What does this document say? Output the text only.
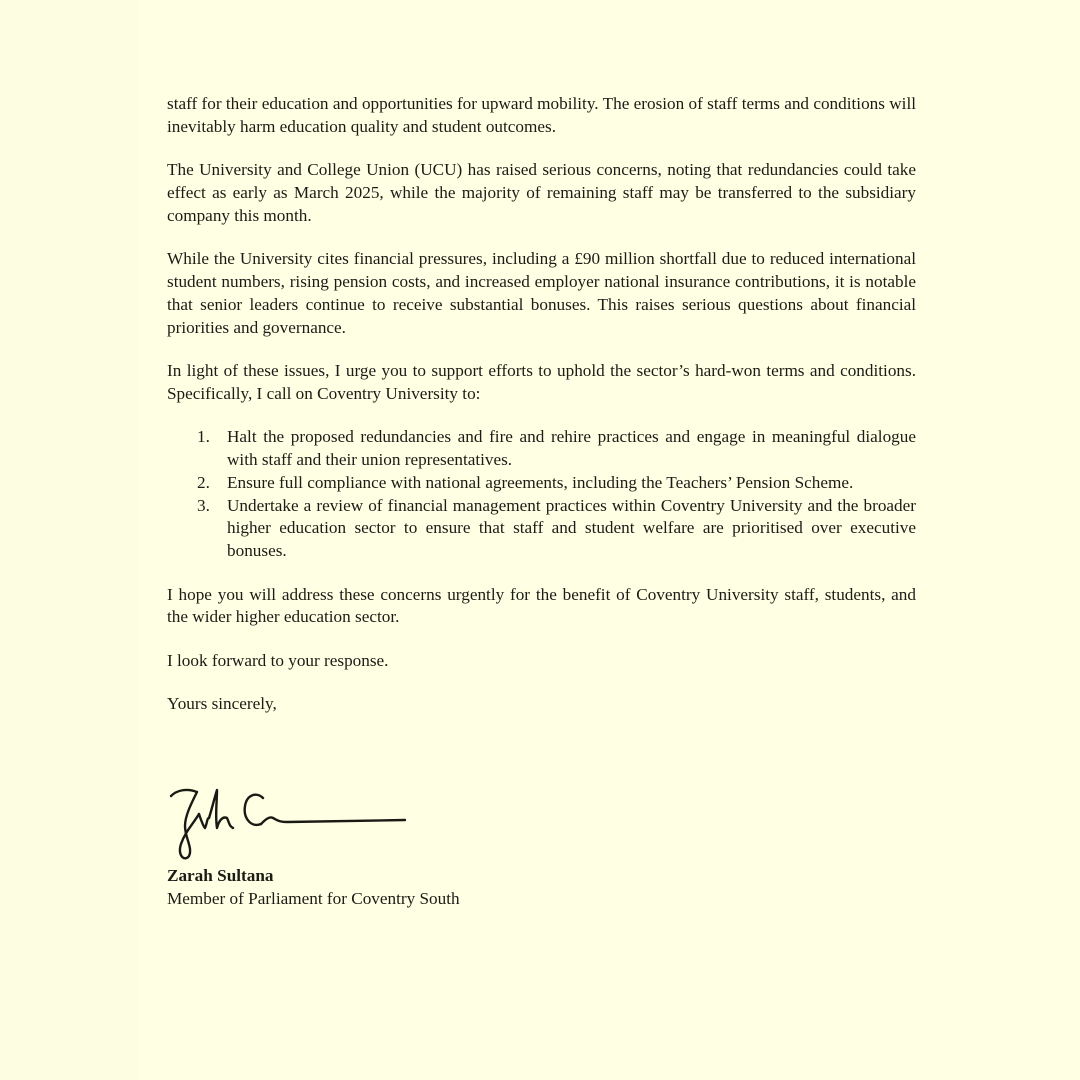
staff for their education and opportunities for upward mobility. The erosion of staff terms and conditions will inevitably harm education quality and student outcomes.

The University and College Union (UCU) has raised serious concerns, noting that redundancies could take effect as early as March 2025, while the majority of remaining staff may be transferred to the subsidiary company this month.

While the University cites financial pressures, including a £90 million shortfall due to reduced international student numbers, rising pension costs, and increased employer national insurance contributions, it is notable that senior leaders continue to receive substantial bonuses. This raises serious questions about financial priorities and governance.

In light of these issues, I urge you to support efforts to uphold the sector’s hard-won terms and conditions. Specifically, I call on Coventry University to:

1. Halt the proposed redundancies and fire and rehire practices and engage in meaningful dialogue with staff and their union representatives.
2. Ensure full compliance with national agreements, including the Teachers’ Pension Scheme.
3. Undertake a review of financial management practices within Coventry University and the broader higher education sector to ensure that staff and student welfare are prioritised over executive bonuses.

I hope you will address these concerns urgently for the benefit of Coventry University staff, students, and the wider higher education sector.

I look forward to your response.

Yours sincerely,

Zarah Sultana
Member of Parliament for Coventry South
